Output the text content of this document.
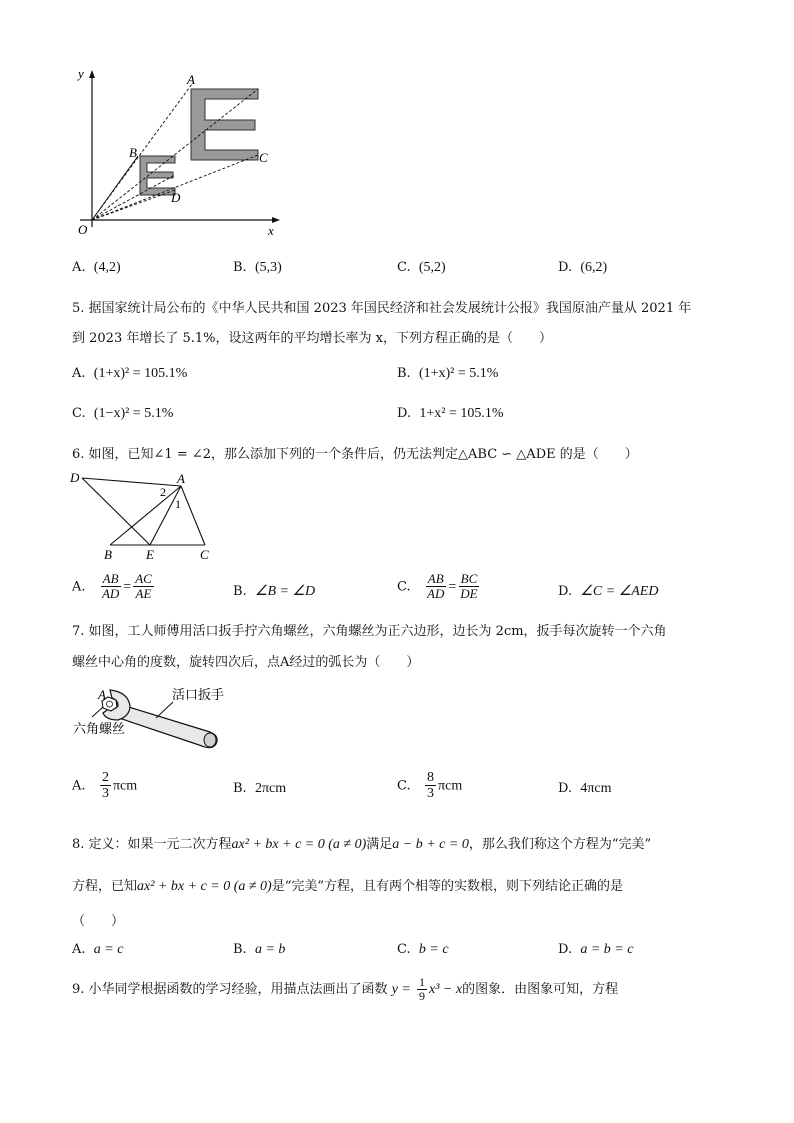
y
x
O
A
B	C
D
A. (4,2)	B. (5,3)	C. (5,2)	D. (6,2)
5. 据国家统计局公布的《中华人民共和国 2023 年国民经济和社会发展统计公报》我国原油产量从 2021 年
到 2023 年增长了 5.1%，设这两年的平均增长率为 x，下列方程正确的是（　　）
A. (1+x)² = 105.1%	B. (1+x)² = 5.1%
C. (1−x)² = 5.1%	D. 1+x² = 105.1%
6. 如图，已知∠1 = ∠2，那么添加下列的一个条件后，仍无法判定△ABC ∽ △ADE 的是（　　）
D	A
2
1
B	E	C
A. $\frac{AB}{AD} = \frac{AC}{AE}$	B. ∠B = ∠D	C. $\frac{AB}{AD} = \frac{BC}{DE}$	D. ∠C = ∠AED
7. 如图，工人师傅用活口扳手拧六角螺丝，六角螺丝为正六边形，边长为 2cm，扳手每次旋转一个六角
螺丝中心角的度数，旋转四次后，点A经过的弧长为（　　）
A	活口扳手
六角螺丝
A. $\frac{2}{3}$ πcm	B. 2πcm	C. $\frac{8}{3}$ πcm	D. 4πcm
8. 定义：如果一元二次方程ax² + bx + c = 0 (a ≠ 0)满足a − b + c = 0，那么我们称这个方程为“完美”
方程，已知ax² + bx + c = 0 (a ≠ 0)是“完美”方程，且有两个相等的实数根，则下列结论正确的是
（　　）
A. a = c	B. a = b	C. b = c	D. a = b = c
9. 小华同学根据函数的学习经验，用描点法画出了函数 $y = \frac{1}{9} x^3 - x$的图象．由图象可知，方程
